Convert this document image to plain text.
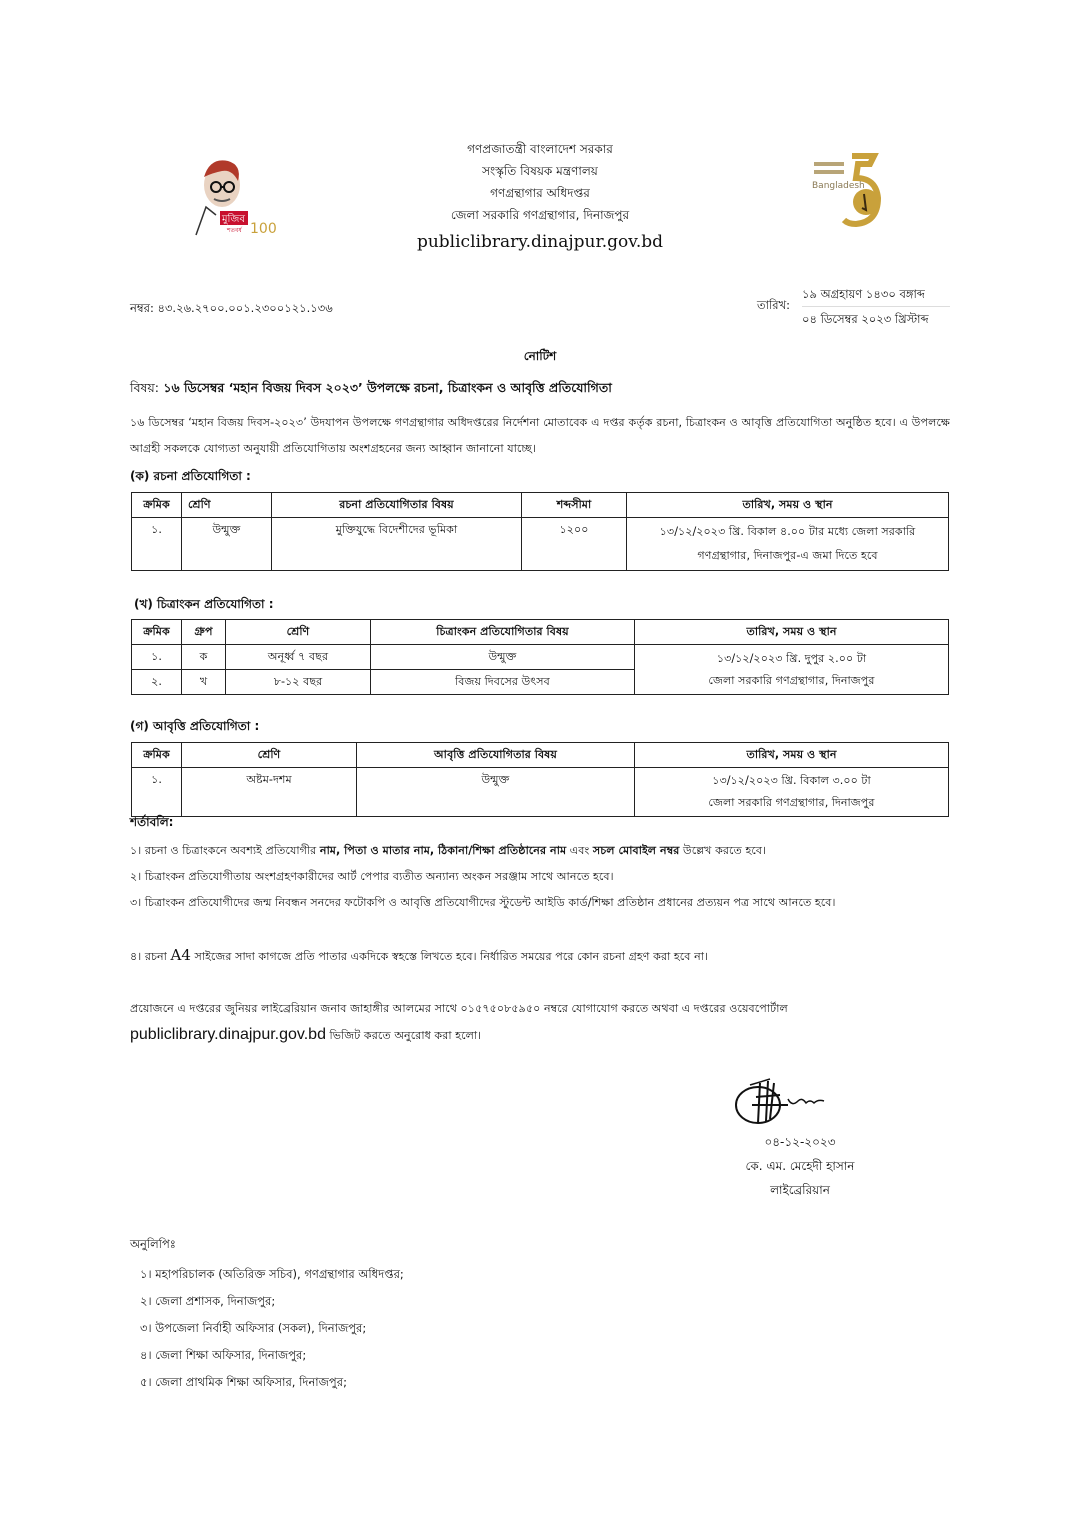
মুজিব
শতবর্ষ 100
গণপ্রজাতন্ত্রী বাংলাদেশ সরকার
সংস্কৃতি বিষয়ক মন্ত্রণালয়
গণগ্রন্থাগার অধিদপ্তর
জেলা সরকারি গণগ্রন্থাগার, দিনাজপুর
publiclibrary.dinajpur.gov.bd
Bangladesh
নম্বর: ৪৩.২৬.২৭০০.০০১.২৩০০১২১.১৩৬	তারিখ:
১৯ অগ্রহায়ণ ১৪৩০ বঙ্গাব্দ
০৪ ডিসেম্বর ২০২৩ খ্রিস্টাব্দ
নোটিশ
বিষয়: ১৬ ডিসেম্বর ‘মহান বিজয় দিবস ২০২৩’ উপলক্ষে রচনা, চিত্রাংকন ও আবৃত্তি প্রতিযোগিতা
১৬ ডিসেম্বর ‘মহান বিজয় দিবস-২০২৩’ উদযাপন উপলক্ষে গণগ্রন্থাগার অধিদপ্তরের নির্দেশনা মোতাবেক এ দপ্তর কর্তৃক রচনা, চিত্রাংকন ও আবৃত্তি প্রতিযোগিতা অনুষ্ঠিত হবে। এ উপলক্ষে আগ্রহী সকলকে যোগ্যতা অনুযায়ী প্রতিযোগিতায় অংশগ্রহনের জন্য আহ্বান জানানো যাচ্ছে।
(ক) রচনা প্রতিযোগিতা :
ক্রমিক	শ্রেণি	রচনা প্রতিযোগিতার বিষয়	শব্দসীমা	তারিখ, সময় ও স্থান
১.	উন্মুক্ত	মুক্তিযুদ্ধে বিদেশীদের ভূমিকা	১২০০	১৩/১২/২০২৩ খ্রি. বিকাল ৪.০০ টার মধ্যে জেলা সরকারি গণগ্রন্থাগার, দিনাজপুর-এ জমা দিতে হবে
(খ) চিত্রাংকন প্রতিযোগিতা :
ক্রমিক	গ্রুপ	শ্রেণি	চিত্রাংকন প্রতিযোগিতার বিষয়	তারিখ, সময় ও স্থান
১.	ক	অনূর্ধ্ব ৭ বছর	উন্মুক্ত	১৩/১২/২০২৩ খ্রি. দুপুর ২.০০ টা
জেলা সরকারি গণগ্রন্থাগার, দিনাজপুর

২.	খ	৮-১২ বছর	বিজয় দিবসের উৎসব	
(গ) আবৃত্তি প্রতিযোগিতা :
ক্রমিক	শ্রেণি	আবৃত্তি প্রতিযোগিতার বিষয়	তারিখ, সময় ও স্থান
১.	অষ্টম-দশম	উন্মুক্ত	১৩/১২/২০২৩ খ্রি. বিকাল ৩.০০ টা
জেলা সরকারি গণগ্রন্থাগার, দিনাজপুর
শর্তাবলি:
১। রচনা ও চিত্রাংকনে অবশ্যই প্রতিযোগীর নাম, পিতা ও মাতার নাম, ঠিকানা/শিক্ষা প্রতিষ্ঠানের নাম এবং সচল মোবাইল নম্বর উল্লেখ করতে হবে।
২। চিত্রাংকন প্রতিযোগীতায় অংশগ্রহণকারীদের আর্ট পেপার ব্যতীত অন্যান্য অংকন সরঞ্জাম সাথে আনতে হবে।
৩। চিত্রাংকন প্রতিযোগীদের জন্ম নিবন্ধন সনদের ফটোকপি ও আবৃত্তি প্রতিযোগীদের স্টুডেন্ট আইডি কার্ড/শিক্ষা প্রতিষ্ঠান প্রধানের প্রত্যয়ন পত্র সাথে আনতে হবে।
৪। রচনা A4 সাইজের সাদা কাগজে প্রতি পাতার একদিকে স্বহস্তে লিখতে হবে। নির্ধারিত সময়ের পরে কোন রচনা গ্রহণ করা হবে না।
প্রয়োজনে এ দপ্তরের জুনিয়র লাইব্রেরিয়ান জনাব জাহাঙ্গীর আলমের সাথে ০১৫৭৫০৮৫৯৫০ নম্বরে যোগাযোগ করতে অথবা এ দপ্তরের ওয়েবপোর্টাল
publiclibrary.dinajpur.gov.bd ভিজিট করতে অনুরোধ করা হলো।
০৪-১২-২০২৩
কে. এম. মেহেদী হাসান
লাইব্রেরিয়ান
অনুলিপিঃ
১। মহাপরিচালক (অতিরিক্ত সচিব), গণগ্রন্থাগার অধিদপ্তর;
২। জেলা প্রশাসক, দিনাজপুর;
৩। উপজেলা নির্বাহী অফিসার (সকল), দিনাজপুর;
৪। জেলা শিক্ষা অফিসার, দিনাজপুর;
৫। জেলা প্রাথমিক শিক্ষা অফিসার, দিনাজপুর;
